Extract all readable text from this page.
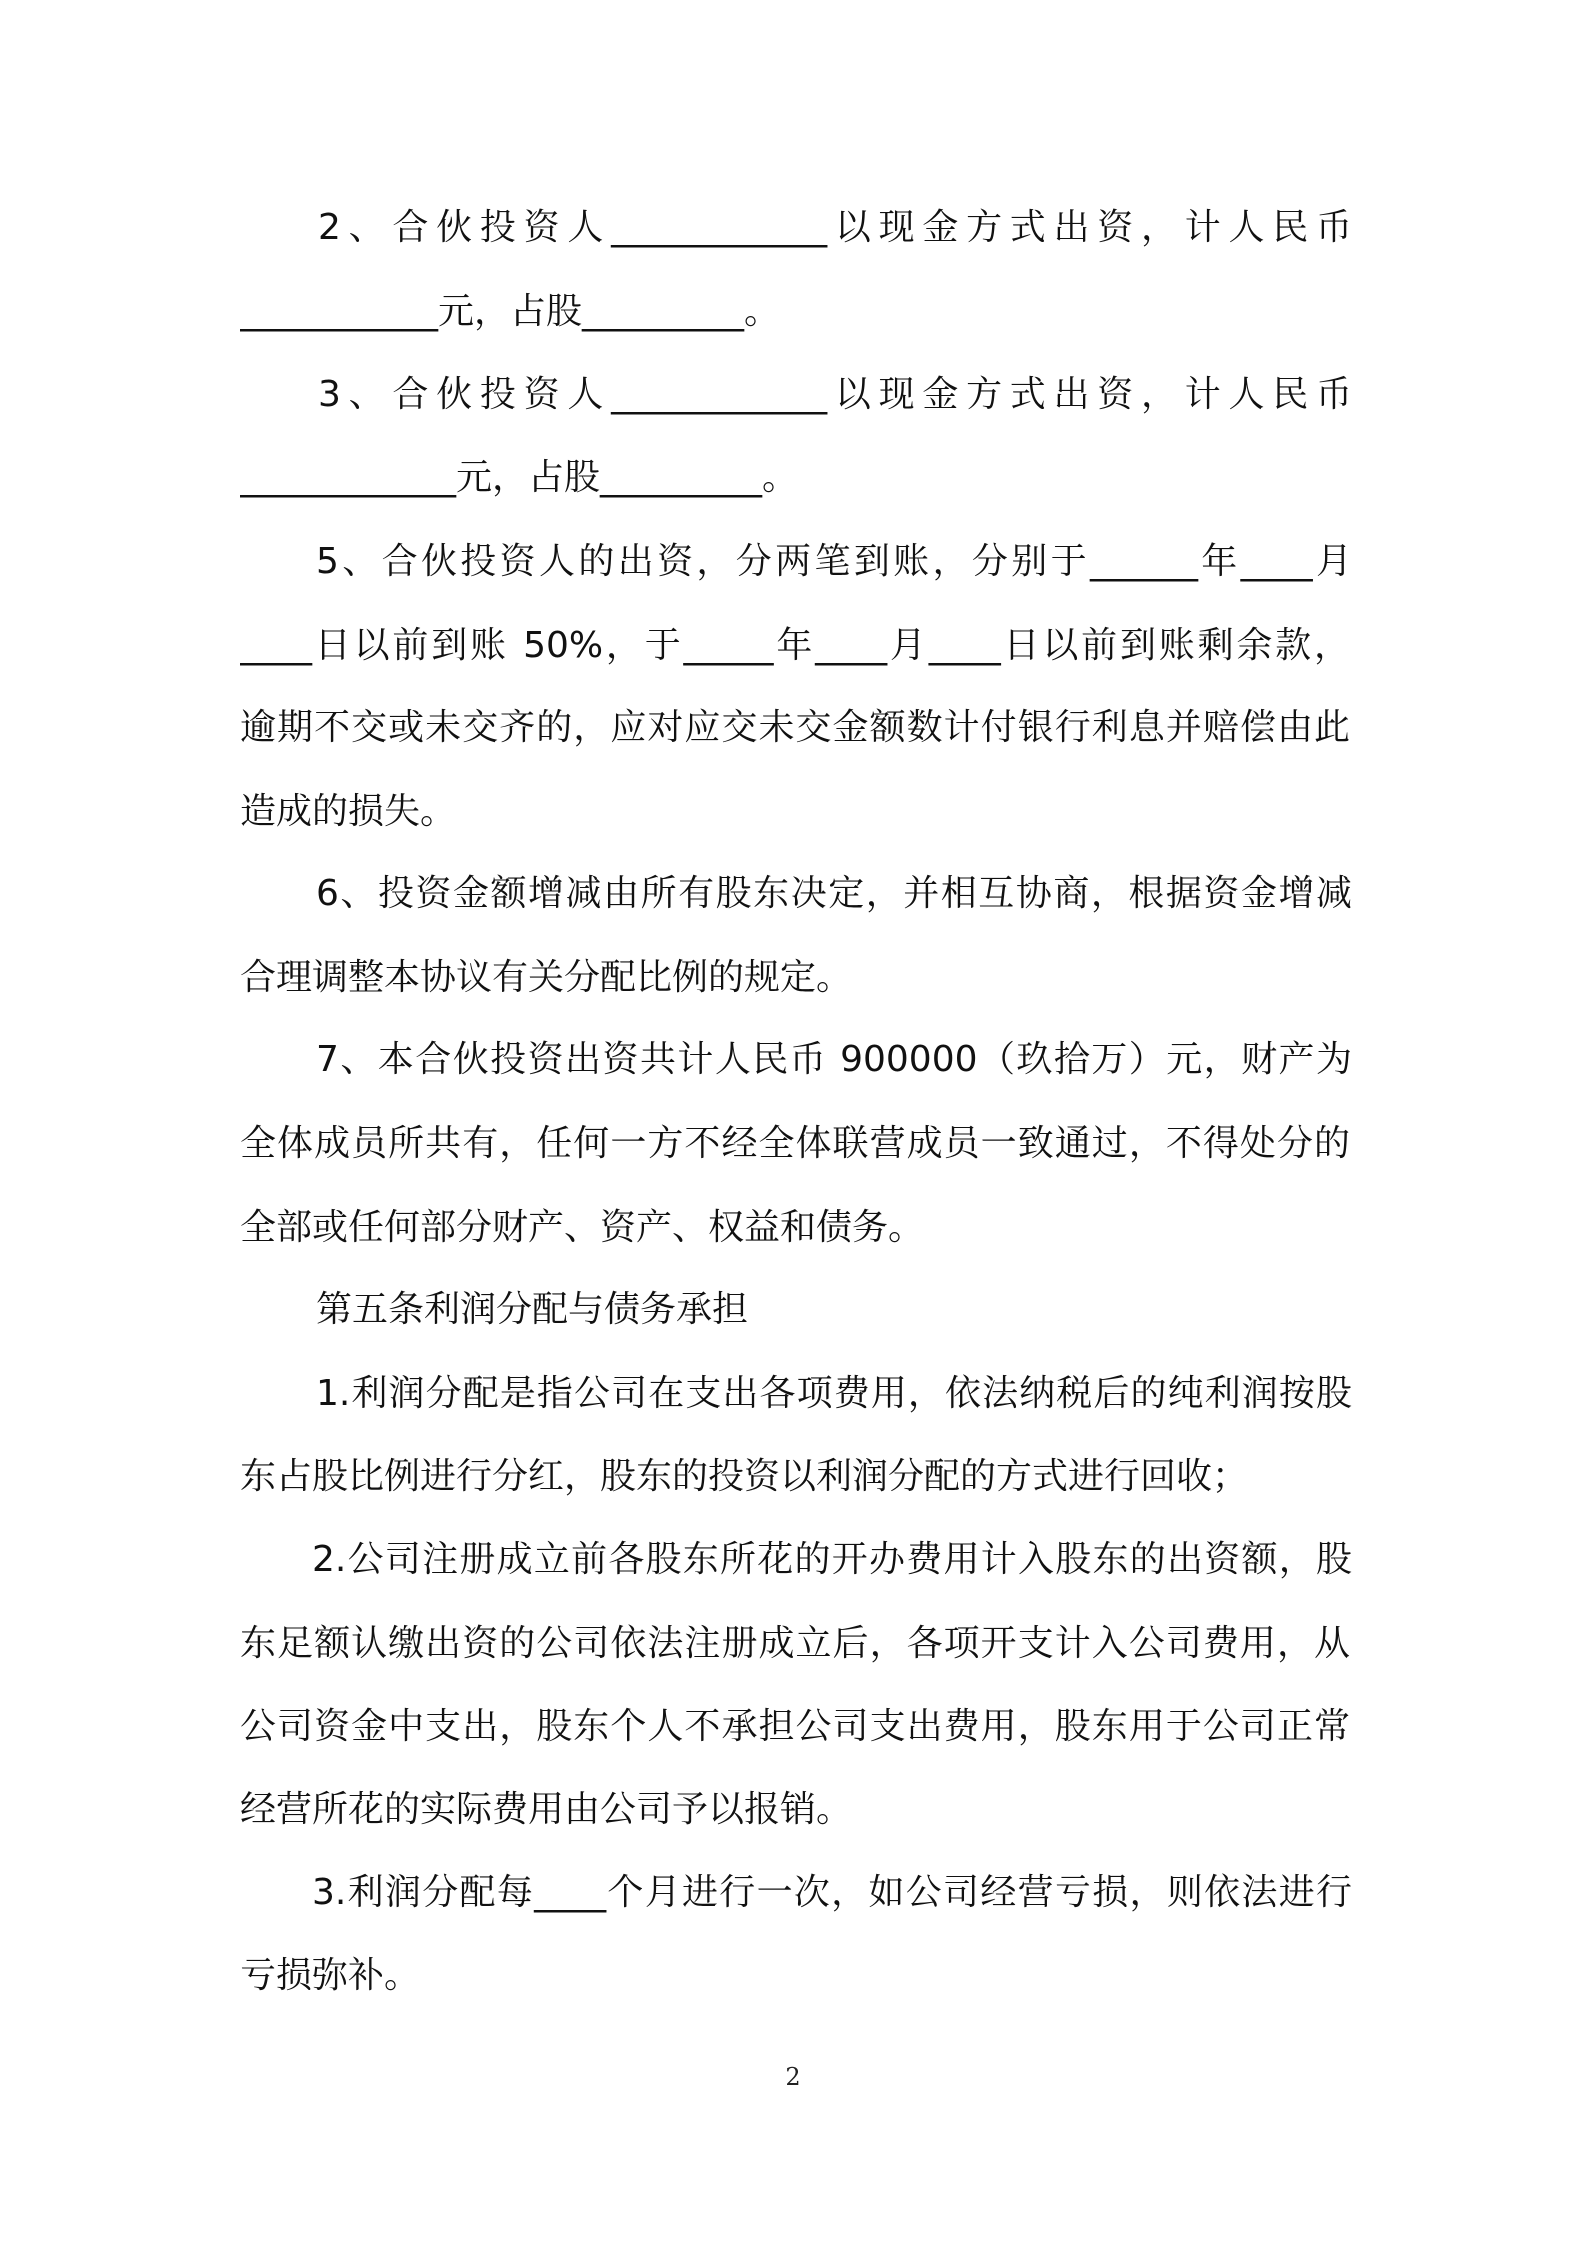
2、合伙投资人____________以现金方式出资，计人民币
___________元，占股_________。
3、合伙投资人____________以现金方式出资，计人民币
____________元，占股_________。
5、合伙投资人的出资，分两笔到账，分别于______年____月
____日以前到账 50%，于_____年____月____日以前到账剩余款，
逾期不交或未交齐的，应对应交未交金额数计付银行利息并赔偿由此
造成的损失。
6、投资金额增减由所有股东决定，并相互协商，根据资金增减
合理调整本协议有关分配比例的规定。
7、本合伙投资出资共计人民币 900000（玖拾万）元，财产为
全体成员所共有，任何一方不经全体联营成员一致通过，不得处分的
全部或任何部分财产、资产、权益和债务。
第五条利润分配与债务承担
1.利润分配是指公司在支出各项费用，依法纳税后的纯利润按股
东占股比例进行分红，股东的投资以利润分配的方式进行回收；
2.公司注册成立前各股东所花的开办费用计入股东的出资额，股
东足额认缴出资的公司依法注册成立后，各项开支计入公司费用，从
公司资金中支出，股东个人不承担公司支出费用，股东用于公司正常
经营所花的实际费用由公司予以报销。
3.利润分配每____个月进行一次，如公司经营亏损，则依法进行
亏损弥补。
2
